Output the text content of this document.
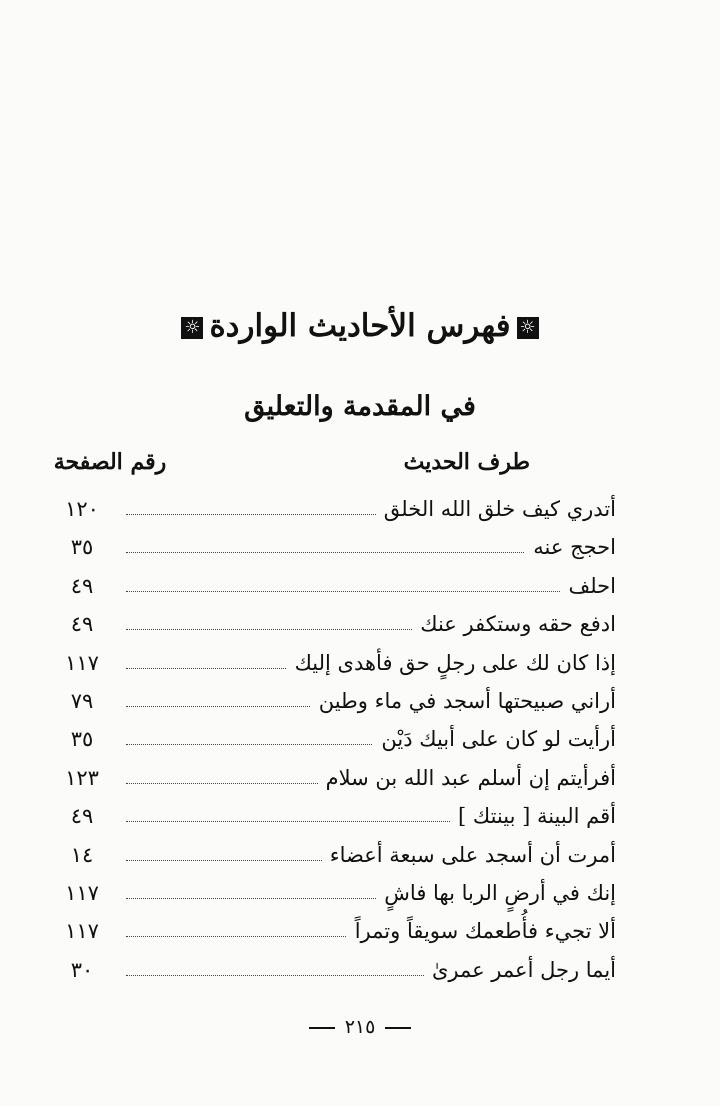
☼فهرس الأحاديث الواردة☼
في المقدمة والتعليق
طرف الحديث
رقم الصفحة
أتدري كيف خلق الله الخلق
١٢٠
احجج عنه
٣٥
احلف
٤٩
ادفع حقه وستكفر عنك
٤٩
إذا كان لك على رجلٍ حق فأهدى إليك
١١٧
أراني صبيحتها أسجد في ماء وطين
٧٩
أرأيت لو كان على أبيك دَيْن
٣٥
أفرأيتم إن أسلم عبد الله بن سلام
١٢٣
أقم البينة [ بينتك ]
٤٩
أمرت أن أسجد على سبعة أعضاء
١٤
إنك في أرضٍ الربا بها فاشٍ
١١٧
ألا تجيء فأُطعمك سويقاً وتمراً
١١٧
أيما رجل أعمر عمرىٰ
٣٠
٢١٥
